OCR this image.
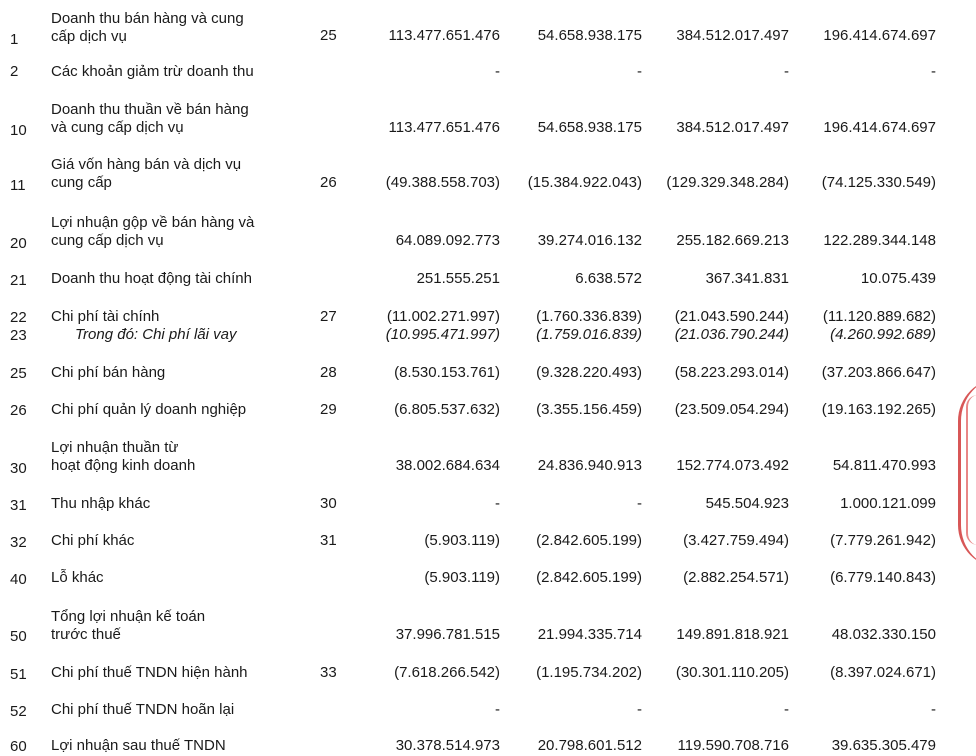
Doanh thu bán hàng và cung
cấp dịch vụ
1	25	113.477.651.476	54.658.938.175 384.512.017.497 196.414.674.697
2 Các khoản giảm trừ doanh thu	-	-	-	-
Doanh thu thuần về bán hàng
và cung cấp dịch vụ
10	113.477.651.476	54.658.938.175 384.512.017.497 196.414.674.697
Giá vốn hàng bán và dịch vụ
cung cấp
11	26	(49.388.558.703) (15.384.922.043) (129.329.348.284) (74.125.330.549)
Lợi nhuận gộp về bán hàng và
cung cấp dịch vụ
20	64.089.092.773	39.274.016.132 255.182.669.213 122.289.344.148
21 Doanh thu hoạt động tài chính	251.555.251	6.638.572	367.341.831	10.075.439
22 Chi phí tài chính	27	(11.002.271.997) (1.760.336.839) (21.043.590.244) (11.120.889.682)
23	Trong đó: Chi phí lãi vay	(10.995.471.997) (1.759.016.839) (21.036.790.244)	(4.260.992.689)
25 Chi phí bán hàng	28	(8.530.153.761) (9.328.220.493) (58.223.293.014) (37.203.866.647)
26 Chi phí quản lý doanh nghiệp	29	(6.805.537.632) (3.355.156.459) (23.509.054.294) (19.163.192.265)
Lợi nhuận thuần từ
hoạt động kinh doanh
30	38.002.684.634	24.836.940.913 152.774.073.492	54.811.470.993
31 Thu nhập khác	30	-	-	545.504.923	1.000.121.099
32 Chi phí khác	31	(5.903.119) (2.842.605.199)	(3.427.759.494)	(7.779.261.942)
40 Lỗ khác	(5.903.119) (2.842.605.199)	(2.882.254.571)	(6.779.140.843)
Tổng lợi nhuận kế toán
trước thuế
50	37.996.781.515	21.994.335.714 149.891.818.921	48.032.330.150
51 Chi phí thuế TNDN hiện hành	33	(7.618.266.542) (1.195.734.202) (30.301.110.205)	(8.397.024.671)
52 Chi phí thuế TNDN hoãn lại	-	-	-	-
60 Lợi nhuận sau thuế TNDN	30.378.514.973	20.798.601.512 119.590.708.716	39.635.305.479
